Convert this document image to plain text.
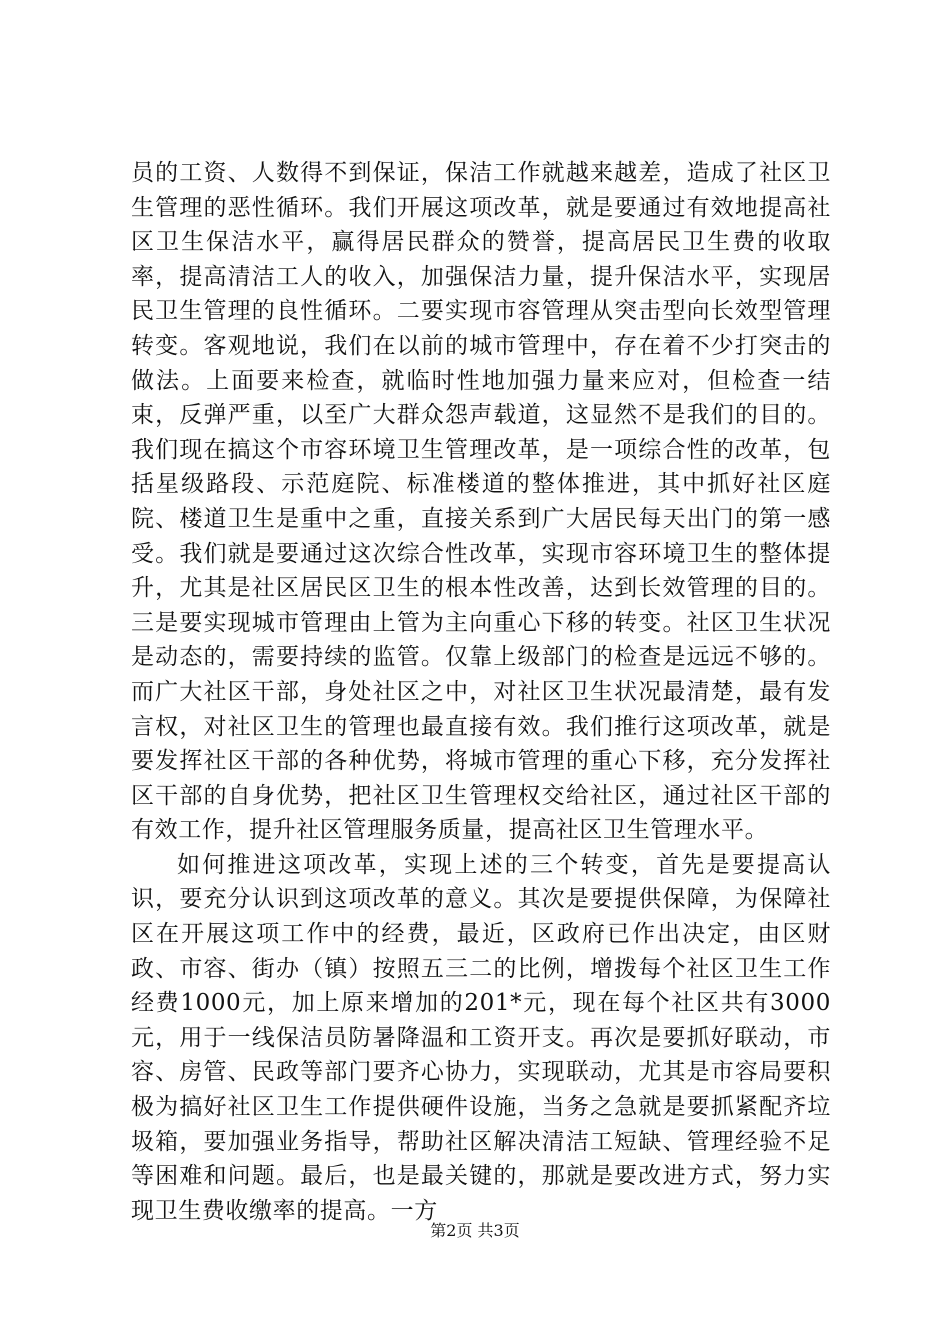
员的工资、人数得不到保证，保洁工作就越来越差，造成了社区卫生管理的恶性循环。我们开展这项改革，就是要通过有效地提高社区卫生保洁水平，赢得居民群众的赞誉，提高居民卫生费的收取率，提高清洁工人的收入，加强保洁力量，提升保洁水平，实现居民卫生管理的良性循环。二要实现市容管理从突击型向长效型管理转变。客观地说，我们在以前的城市管理中，存在着不少打突击的做法。上面要来检查，就临时性地加强力量来应对，但检查一结束，反弹严重，以至广大群众怨声载道，这显然不是我们的目的。我们现在搞这个市容环境卫生管理改革，是一项综合性的改革，包括星级路段、示范庭院、标准楼道的整体推进，其中抓好社区庭院、楼道卫生是重中之重，直接关系到广大居民每天出门的第一感受。我们就是要通过这次综合性改革，实现市容环境卫生的整体提升，尤其是社区居民区卫生的根本性改善，达到长效管理的目的。三是要实现城市管理由上管为主向重心下移的转变。社区卫生状况是动态的，需要持续的监管。仅靠上级部门的检查是远远不够的。而广大社区干部，身处社区之中，对社区卫生状况最清楚，最有发言权，对社区卫生的管理也最直接有效。我们推行这项改革，就是要发挥社区干部的各种优势，将城市管理的重心下移，充分发挥社区干部的自身优势，把社区卫生管理权交给社区，通过社区干部的有效工作，提升社区管理服务质量，提高社区卫生管理水平。

如何推进这项改革，实现上述的三个转变，首先是要提高认识，要充分认识到这项改革的意义。其次是要提供保障，为保障社区在开展这项工作中的经费，最近，区政府已作出决定，由区财政、市容、街办（镇）按照五三二的比例，增拨每个社区卫生工作经费1000元，加上原来增加的201*元，现在每个社区共有3000元，用于一线保洁员防暑降温和工资开支。再次是要抓好联动，市容、房管、民政等部门要齐心协力，实现联动，尤其是市容局要积极为搞好社区卫生工作提供硬件设施，当务之急就是要抓紧配齐垃圾箱，要加强业务指导，帮助社区解决清洁工短缺、管理经验不足等困难和问题。最后，也是最关键的，那就是要改进方式，努力实现卫生费收缴率的提高。一方

第2页 共3页
